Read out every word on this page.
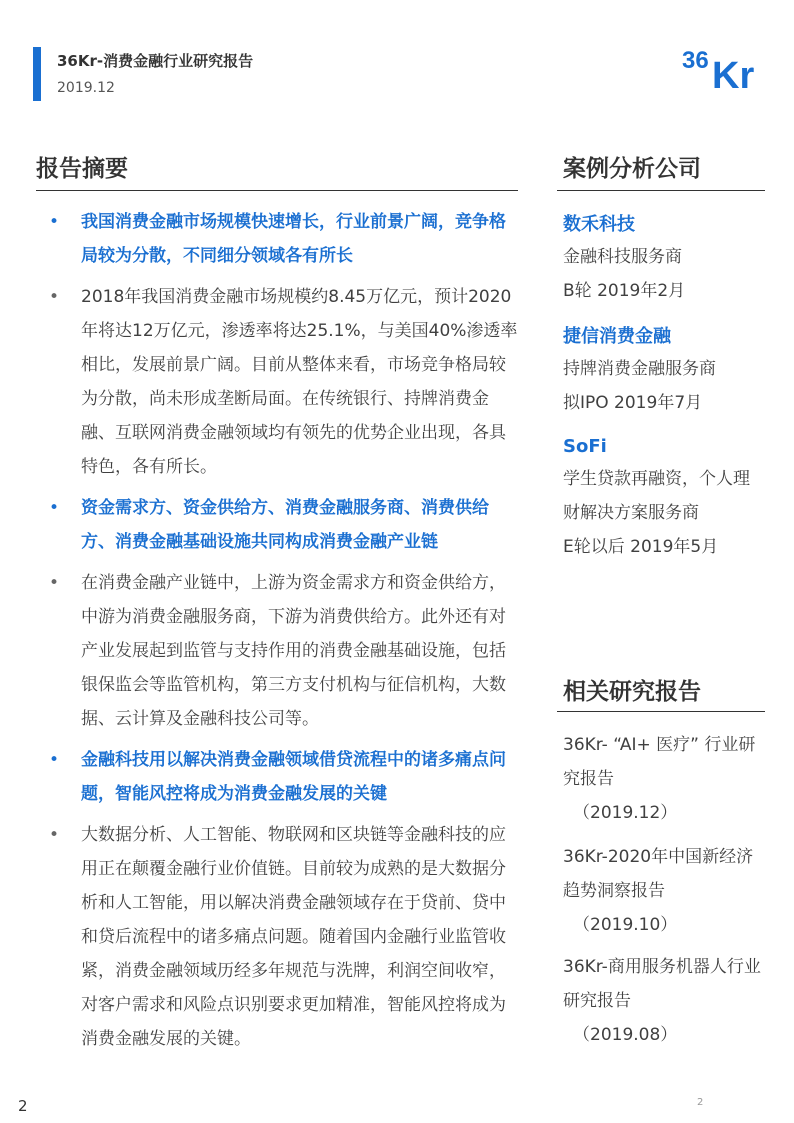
36Kr-消费金融行业研究报告
2019.12
36 Kr
报告摘要
•	我国消费金融市场规模快速增长，行业前景广阔，竞争格局较为分散，不同细分领域各有所长
•	2018年我国消费金融市场规模约8.45万亿元，预计2020年将达12万亿元，渗透率将达25.1%，与美国40%渗透率相比，发展前景广阔。目前从整体来看，市场竞争格局较为分散，尚未形成垄断局面。在传统银行、持牌消费金融、互联网消费金融领域均有领先的优势企业出现，各具特色，各有所长。
•	资金需求方、资金供给方、消费金融服务商、消费供给方、消费金融基础设施共同构成消费金融产业链
•	在消费金融产业链中，上游为资金需求方和资金供给方，中游为消费金融服务商，下游为消费供给方。此外还有对产业发展起到监管与支持作用的消费金融基础设施，包括银保监会等监管机构，第三方支付机构与征信机构，大数据、云计算及金融科技公司等。
•	金融科技用以解决消费金融领域借贷流程中的诸多痛点问题，智能风控将成为消费金融发展的关键
•	大数据分析、人工智能、物联网和区块链等金融科技的应用正在颠覆金融行业价值链。目前较为成熟的是大数据分析和人工智能，用以解决消费金融领域存在于贷前、贷中和贷后流程中的诸多痛点问题。随着国内金融行业监管收紧，消费金融领域历经多年规范与洗牌，利润空间收窄，对客户需求和风险点识别要求更加精准，智能风控将成为消费金融发展的关键。
案例分析公司
数禾科技
金融科技服务商
B轮 2019年2月
捷信消费金融
持牌消费金融服务商
拟IPO 2019年7月
SoFi
学生贷款再融资，个人理财解决方案服务商
E轮以后 2019年5月
相关研究报告
36Kr- “AI+ 医疗” 行业研究报告
（2019.12）
36Kr-2020年中国新经济趋势洞察报告
（2019.10）
36Kr-商用服务机器人行业研究报告
（2019.08）
2	2
